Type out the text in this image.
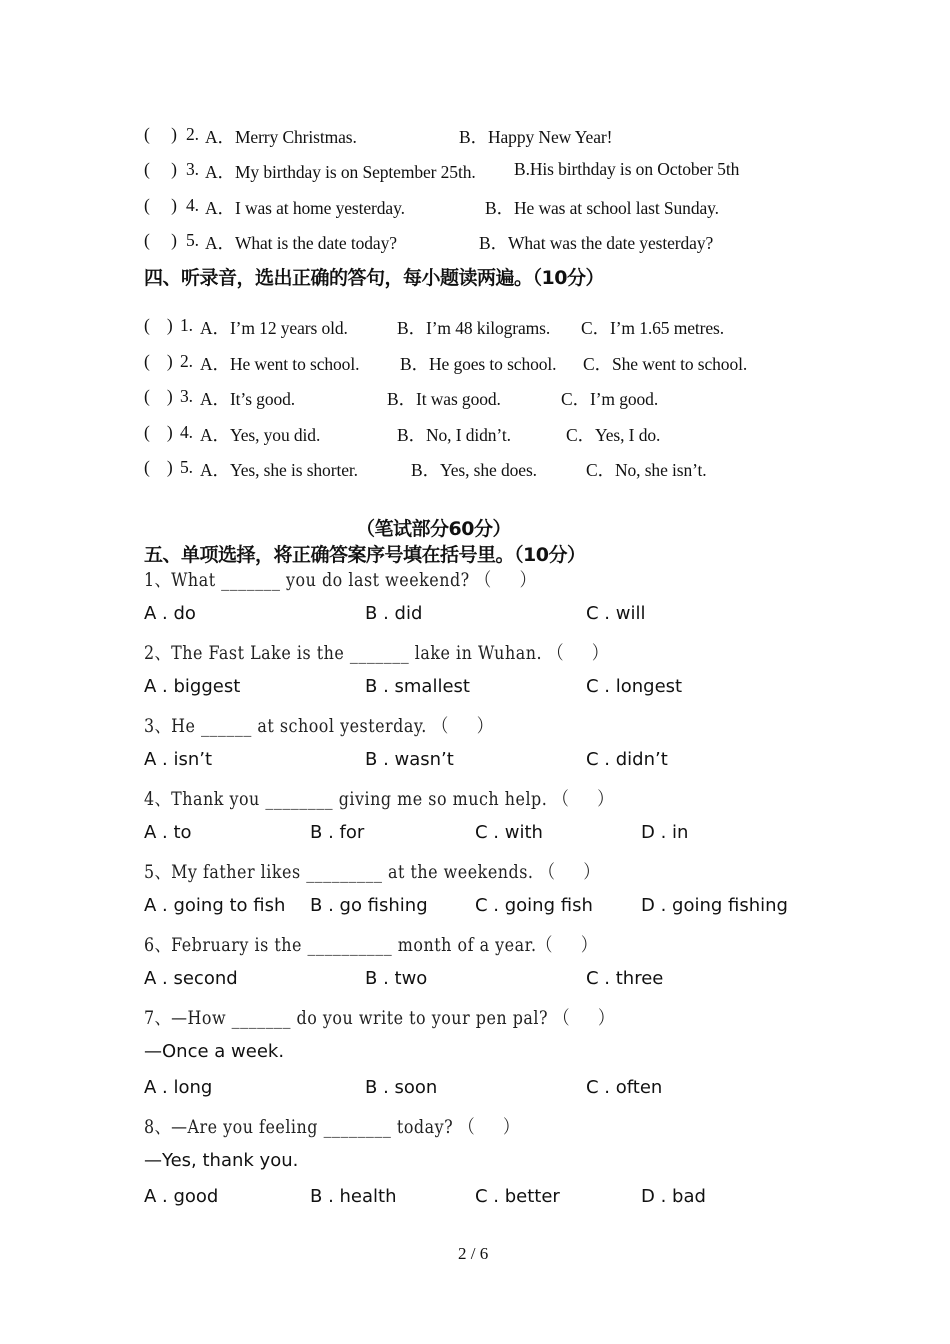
(     ) 2. A．Merry Christmas.	B．Happy New Year!
(     ) 3. A．My birthday is on September 25th. B.His birthday is on October 5th
(     ) 4. A．I was at home yesterday.	B．He was at school last Sunday.
(     ) 5. A．What is the date today?	B．What was the date yesterday?
四、听录音，选出正确的答句，每小题读两遍。（10分）
(    ) 1. A．I’m 12 years old.	B．I’m 48 kilograms. C．I’m 1.65 metres.
(    ) 2. A．He went to school. B．He goes to school. C．She went to school.
(    ) 3. A．It’s good.	B．It was good.	C．I’m good.
(    ) 4. A．Yes, you did.	B．No, I didn’t.	C．Yes, I do.
(    ) 5. A．Yes, she is shorter.	B．Yes, she does.	C．No, she isn’t.
（笔试部分60分）
五、单项选择，将正确答案序号填在括号里。（10分）
1、What _______ you do last weekend? （     ）
A . do	B . did	C . will
2、The Fast Lake is the _______ lake in Wuhan. （     ）
A . biggest	B . smallest	C . longest
3、He ______ at school yesterday. （     ）
A . isn’t	B . wasn’t	C . didn’t
4、Thank you ________ giving me so much help. （     ）
A . to	B . for	C . with	D . in
5、My father likes _________ at the weekends. （     ）
A . going to fish B . go fishing	C . going fish	D . going fishing
6、February is the __________ month of a year.（     ）
A . second	B . two	C . three
7、—How _______ do you write to your pen pal? （     ）
—Once a week.
A . long	B . soon	C . often
8、—Are you feeling ________ today? （     ）
—Yes, thank you.
A . good	B . health	C . better	D . bad
2 / 6
